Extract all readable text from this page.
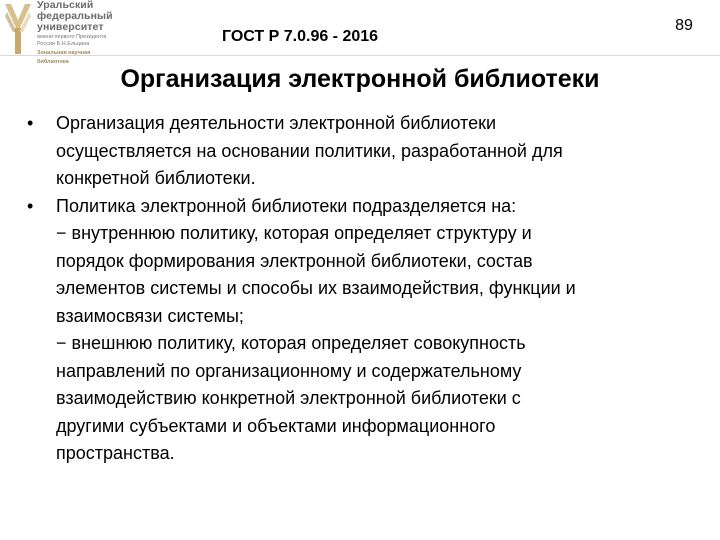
Уральский
федеральный
университет
имени первого Президента
России Б.Н.Ельцина
Зональная научная
библиотека
ГОСТ Р 7.0.96 - 2016
89
Организация электронной библиотеки
•	Организация деятельности электронной библиотеки
осуществляется на основании политики, разработанной для
конкретной библиотеки.
•	Политика электронной библиотеки подразделяется на:
− внутреннюю политику, которая определяет структуру и
порядок формирования электронной библиотеки, состав
элементов системы и способы их взаимодействия, функции и
взаимосвязи системы;
− внешнюю политику, которая определяет совокупность
направлений по организационному и содержательному
взаимодействию конкретной электронной библиотеки с
другими субъектами и объектами информационного
пространства.
